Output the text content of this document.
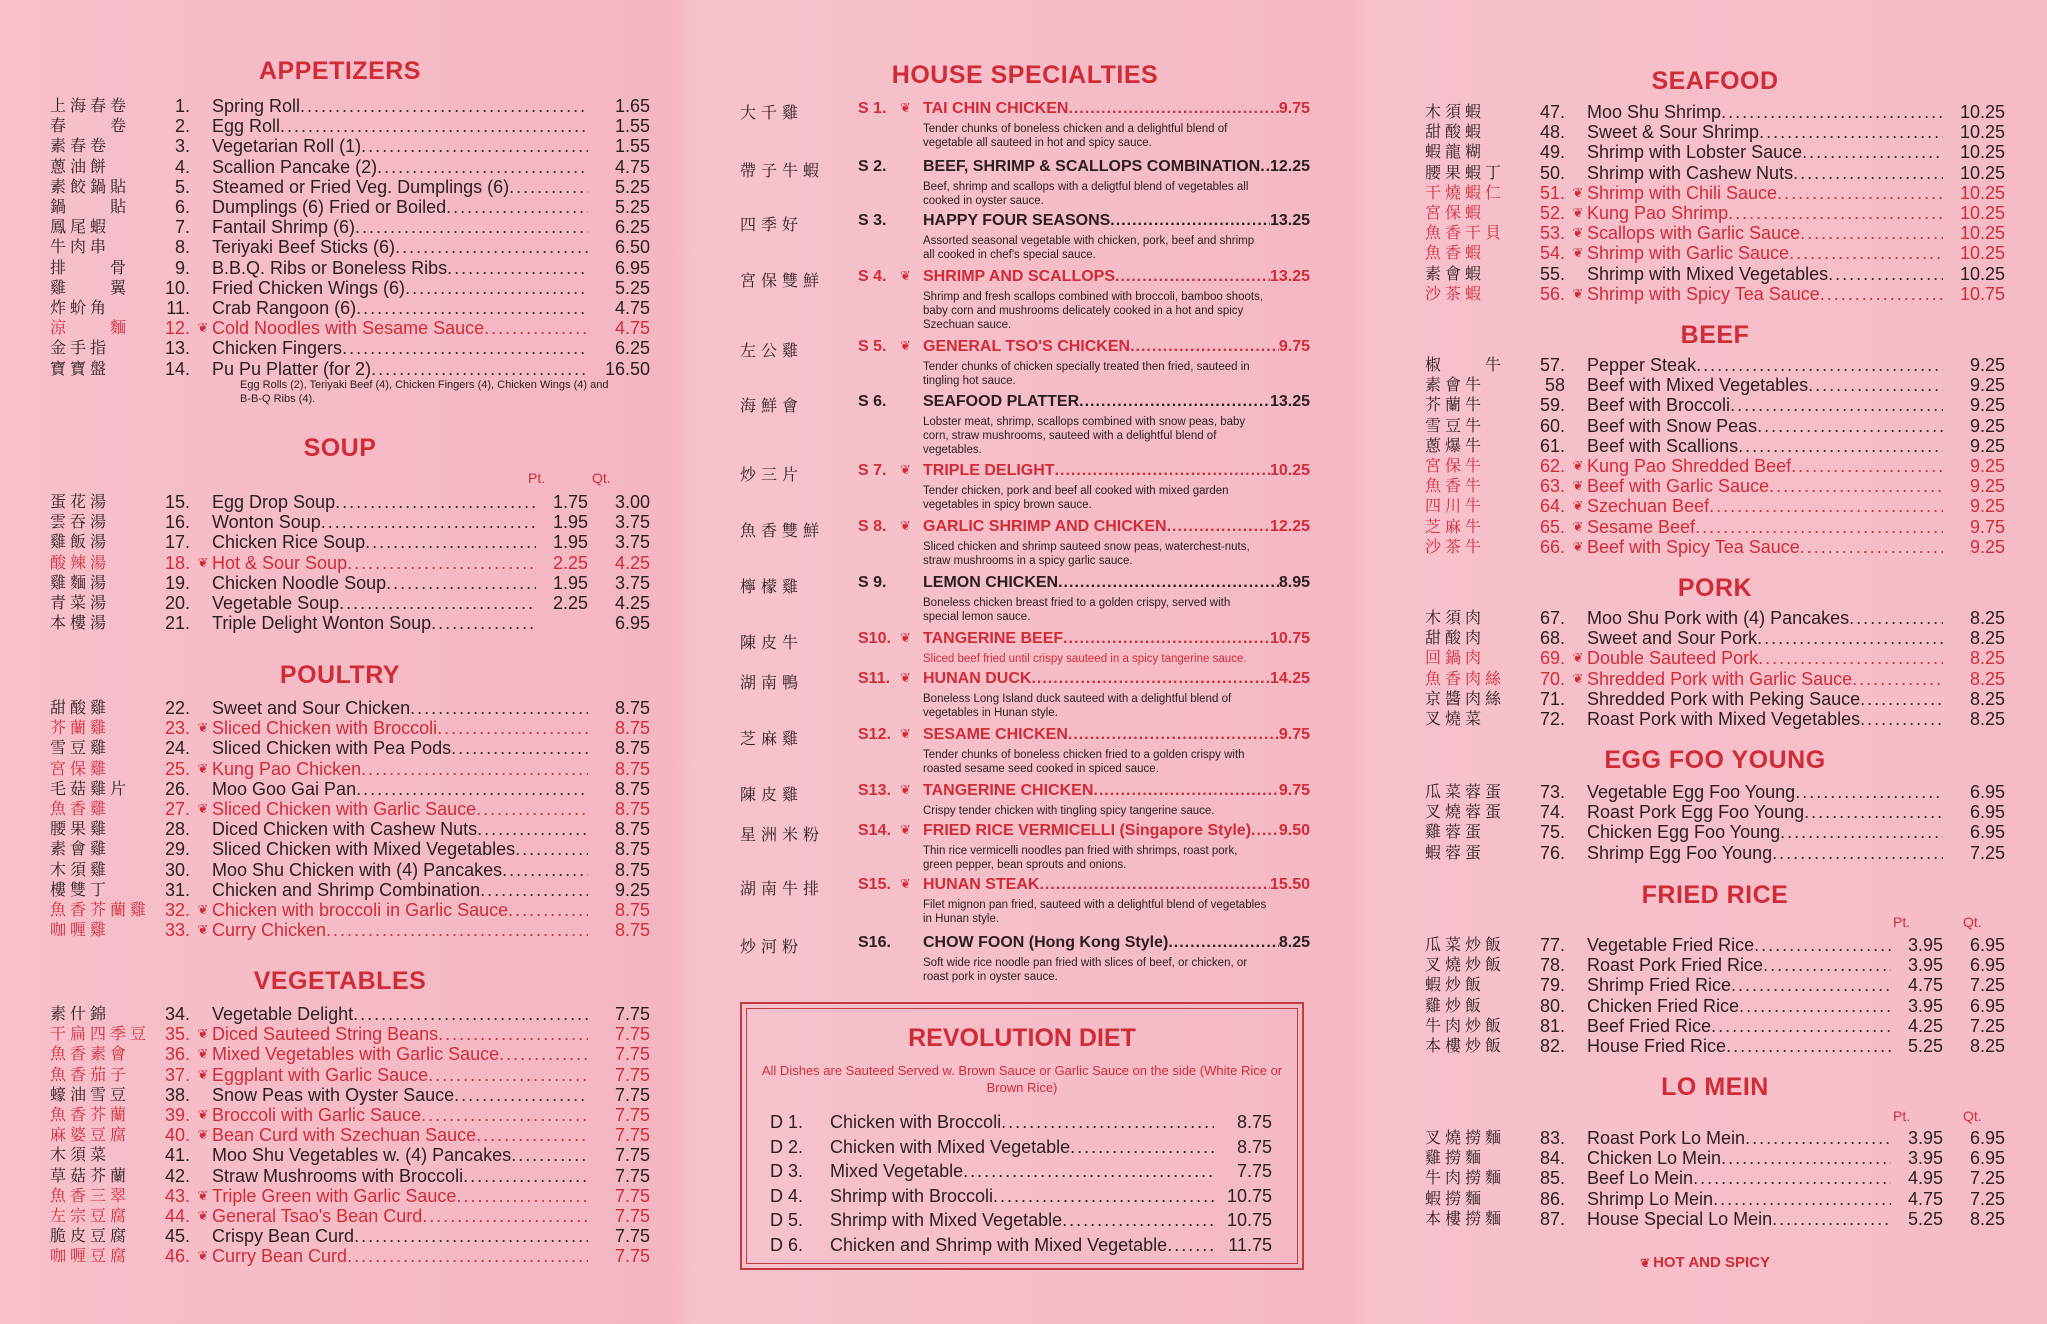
APPETIZERS
上海春卷	1. Spring Roll .....	1.65
春　　卷	2. Egg Roll .....	1.55
素春卷	3. Vegetarian Roll (1) .....	1.55
蔥油餅	4. Scallion Pancake (2) .....	4.75
素餃鍋貼	5. Steamed or Fried Veg. Dumplings (6) .....	5.25
鍋　　貼	6. Dumplings (6) Fried or Boiled .....	5.25
鳳尾蝦	7. Fantail Shrimp (6) .....	6.25
牛肉串	8. Teriyaki Beef Sticks (6) .....	6.50
排　　骨	9. B.B.Q. Ribs or Boneless Ribs .....	6.95
雞　　翼	10. Fried Chicken Wings (6) .....	5.25
炸蚧角	11. Crab Rangoon (6) .....	4.75
涼　　麵	12. ❦ Cold Noodles with Sesame Sauce .....	4.75
金手指	13. Chicken Fingers .....	6.25
寶寶盤	14. Pu Pu Platter (for 2) .....	16.50
Egg Rolls (2), Teriyaki Beef (4), Chicken Fingers (4), Chicken Wings (4) and B-B-Q Ribs (4).
SOUP
Pt.	Qt.
蛋花湯	15. Egg Drop Soup .....	1.75	3.00
雲吞湯	16. Wonton Soup .....	1.95	3.75
雞飯湯	17. Chicken Rice Soup .....	1.95	3.75
酸辣湯	18. ❦ Hot & Sour Soup .....	2.25	4.25
雞麵湯	19. Chicken Noodle Soup .....	1.95	3.75
青菜湯	20. Vegetable Soup .....	2.25	4.25
本樓湯	21. Triple Delight Wonton Soup .....	6.95
POULTRY
甜酸雞	22. Sweet and Sour Chicken .....	8.75
芥蘭雞	23. ❦ Sliced Chicken with Broccoli .....	8.75
雪豆雞	24. Sliced Chicken with Pea Pods .....	8.75
宮保雞	25. ❦ Kung Pao Chicken .....	8.75
毛菇雞片	26. Moo Goo Gai Pan .....	8.75
魚香雞	27. ❦ Sliced Chicken with Garlic Sauce .....	8.75
腰果雞	28. Diced Chicken with Cashew Nuts .....	8.75
素會雞	29. Sliced Chicken with Mixed Vegetables .....	8.75
木須雞	30. Moo Shu Chicken with (4) Pancakes .....	8.75
樓雙丁	31. Chicken and Shrimp Combination .....	9.25
魚香芥蘭雞 32. ❦ Chicken with broccoli in Garlic Sauce .....	8.75
咖喱雞	33. ❦ Curry Chicken .....	8.75
VEGETABLES
素什錦	34. Vegetable Delight .....	7.75
干扁四季豆 35. ❦ Diced Sauteed String Beans .....	7.75
魚香素會	36. ❦ Mixed Vegetables with Garlic Sauce .....	7.75
魚香茄子	37. ❦ Eggplant with Garlic Sauce .....	7.75
蠔油雪豆	38. Snow Peas with Oyster Sauce .....	7.75
魚香芥蘭	39. ❦ Broccoli with Garlic Sauce .....	7.75
麻婆豆腐	40. ❦ Bean Curd with Szechuan Sauce .....	7.75
木須菜	41. Moo Shu Vegetables w. (4) Pancakes .....	7.75
草菇芥蘭	42. Straw Mushrooms with Broccoli .....	7.75
魚香三翠	43. ❦ Triple Green with Garlic Sauce .....	7.75
左宗豆腐	44. ❦ General Tsao's Bean Curd .....	7.75
脆皮豆腐	45. Crispy Bean Curd .....	7.75
咖喱豆腐	46. ❦ Curry Bean Curd .....	7.75
HOUSE SPECIALTIES
大千雞	S 1. ❦ TAI CHIN CHICKEN .....	9.75
Tender chunks of boneless chicken and a delightful blend of vegetable all sauteed in hot and spicy sauce.
帶子牛蝦	S 2. BEEF, SHRIMP & SCALLOPS COMBINATION ..... 12.25
Beef, shrimp and scallops with a deligtful blend of vegetables all cooked in oyster sauce.
四季好	S 3. HAPPY FOUR SEASONS .....	13.25
Assorted seasonal vegetable with chicken, pork, beef and shrimp all cooked in chef's special sauce.
宮保雙鮮	S 4. ❦ SHRIMP AND SCALLOPS .....	13.25
Shrimp and fresh scallops combined with broccoli, bamboo shoots, baby corn and mushrooms delicately cooked in a hot and spicy Szechuan sauce.
左公雞	S 5. ❦ GENERAL TSO'S CHICKEN .....	9.75
Tender chunks of chicken specially treated then fried, sauteed in tingling hot sauce.
海鮮會	S 6. SEAFOOD PLATTER .....	13.25
Lobster meat, shrimp, scallops combined with snow peas, baby corn, straw mushrooms, sauteed with a delightful blend of vegetables.
炒三片	S 7. ❦ TRIPLE DELIGHT .....	10.25
Tender chicken, pork and beef all cooked with mixed garden vegetables in spicy brown sauce.
魚香雙鮮	S 8. ❦ GARLIC SHRIMP AND CHICKEN .....	12.25
Sliced chicken and shrimp sauteed snow peas, waterchest-nuts, straw mushrooms in a spicy garlic sauce.
檸檬雞	S 9. LEMON CHICKEN .....	8.95
Boneless chicken breast fried to a golden crispy, served with special lemon sauce.
陳皮牛	S10. ❦ TANGERINE BEEF .....	10.75
Sliced beef fried until crispy sauteed in a spicy tangerine sauce.
湖南鴨	S11. ❦ HUNAN DUCK .....	14.25
Boneless Long Island duck sauteed with a delightful blend of vegetables in Hunan style.
芝麻雞	S12. ❦ SESAME CHICKEN .....	9.75
Tender chunks of boneless chicken fried to a golden crispy with roasted sesame seed cooked in spiced sauce.
陳皮雞	S13. ❦ TANGERINE CHICKEN .....	9.75
Crispy tender chicken with tingling spicy tangerine sauce.
星洲米粉	S14. ❦ FRIED RICE VERMICELLI (Singapore Style) ..... 9.50
Thin rice vermicelli noodles pan fried with shrimps, roast pork, green pepper, bean sprouts and onions.
湖南牛排	S15. ❦ HUNAN STEAK .....	15.50
Filet mignon pan fried, sauteed with a delightful blend of vegetables in Hunan style.
炒河粉	S16. CHOW FOON (Hong Kong Style) .....	8.25
Soft wide rice noodle pan fried with slices of beef, or chicken, or roast pork in oyster sauce.
REVOLUTION DIET
All Dishes are Sauteed Served w. Brown Sauce or Garlic Sauce on the side (White Rice or Brown Rice)
D 1.	Chicken with Broccoli .....	8.75
D 2.	Chicken with Mixed Vegetable .....	8.75
D 3.	Mixed Vegetable .....	7.75
D 4.	Shrimp with Broccoli .....	10.75
D 5.	Shrimp with Mixed Vegetable .....	10.75
D 6.	Chicken and Shrimp with Mixed Vegetable .....	11.75
SEAFOOD
木須蝦	47. Moo Shu Shrimp .....	10.25
甜酸蝦	48. Sweet & Sour Shrimp .....	10.25
蝦龍糊	49. Shrimp with Lobster Sauce .....	10.25
腰果蝦丁	50. Shrimp with Cashew Nuts .....	10.25
干燒蝦仁	51. ❦ Shrimp with Chili Sauce .....	10.25
宮保蝦	52. ❦ Kung Pao Shrimp .....	10.25
魚香干貝	53. ❦ Scallops with Garlic Sauce .....	10.25
魚香蝦	54. ❦ Shrimp with Garlic Sauce .....	10.25
素會蝦	55. Shrimp with Mixed Vegetables .....	10.25
沙茶蝦	56. ❦ Shrimp with Spicy Tea Sauce .....	10.75
BEEF
椒　　牛	57. Pepper Steak .....	9.25
素會牛	58 Beef with Mixed Vegetables .....	9.25
芥蘭牛	59. Beef with Broccoli .....	9.25
雪豆牛	60. Beef with Snow Peas .....	9.25
蔥爆牛	61. Beef with Scallions .....	9.25
宮保牛	62. ❦ Kung Pao Shredded Beef .....	9.25
魚香牛	63. ❦ Beef with Garlic Sauce .....	9.25
四川牛	64. ❦ Szechuan Beef .....	9.25
芝麻牛	65. ❦ Sesame Beef .....	9.75
沙茶牛	66. ❦ Beef with Spicy Tea Sauce .....	9.25
PORK
木須肉	67. Moo Shu Pork with (4) Pancakes .....	8.25
甜酸肉	68. Sweet and Sour Pork .....	8.25
回鍋肉	69. ❦ Double Sauteed Pork .....	8.25
魚香肉絲	70. ❦ Shredded Pork with Garlic Sauce .....	8.25
京醬肉絲	71. Shredded Pork with Peking Sauce .....	8.25
叉燒菜	72. Roast Pork with Mixed Vegetables .....	8.25
EGG FOO YOUNG
瓜菜蓉蛋	73. Vegetable Egg Foo Young .....	6.95
叉燒蓉蛋	74. Roast Pork Egg Foo Young .....	6.95
雞蓉蛋	75. Chicken Egg Foo Young .....	6.95
蝦蓉蛋	76. Shrimp Egg Foo Young .....	7.25
FRIED RICE
Pt.	Qt.
瓜菜炒飯	77. Vegetable Fried Rice .....	3.95	6.95
叉燒炒飯	78. Roast Pork Fried Rice .....	3.95	6.95
蝦炒飯	79. Shrimp Fried Rice .....	4.75	7.25
雞炒飯	80. Chicken Fried Rice .....	3.95	6.95
牛肉炒飯	81. Beef Fried Rice .....	4.25	7.25
本樓炒飯	82. House Fried Rice .....	5.25	8.25
LO MEIN
Pt.	Qt.
叉燒撈麵	83. Roast Pork Lo Mein .....	3.95	6.95
雞撈麵	84. Chicken Lo Mein .....	3.95	6.95
牛肉撈麵	85. Beef Lo Mein .....	4.95	7.25
蝦撈麵	86. Shrimp Lo Mein .....	4.75	7.25
本樓撈麵	87. House Special Lo Mein .....	5.25	8.25
❦ HOT AND SPICY
